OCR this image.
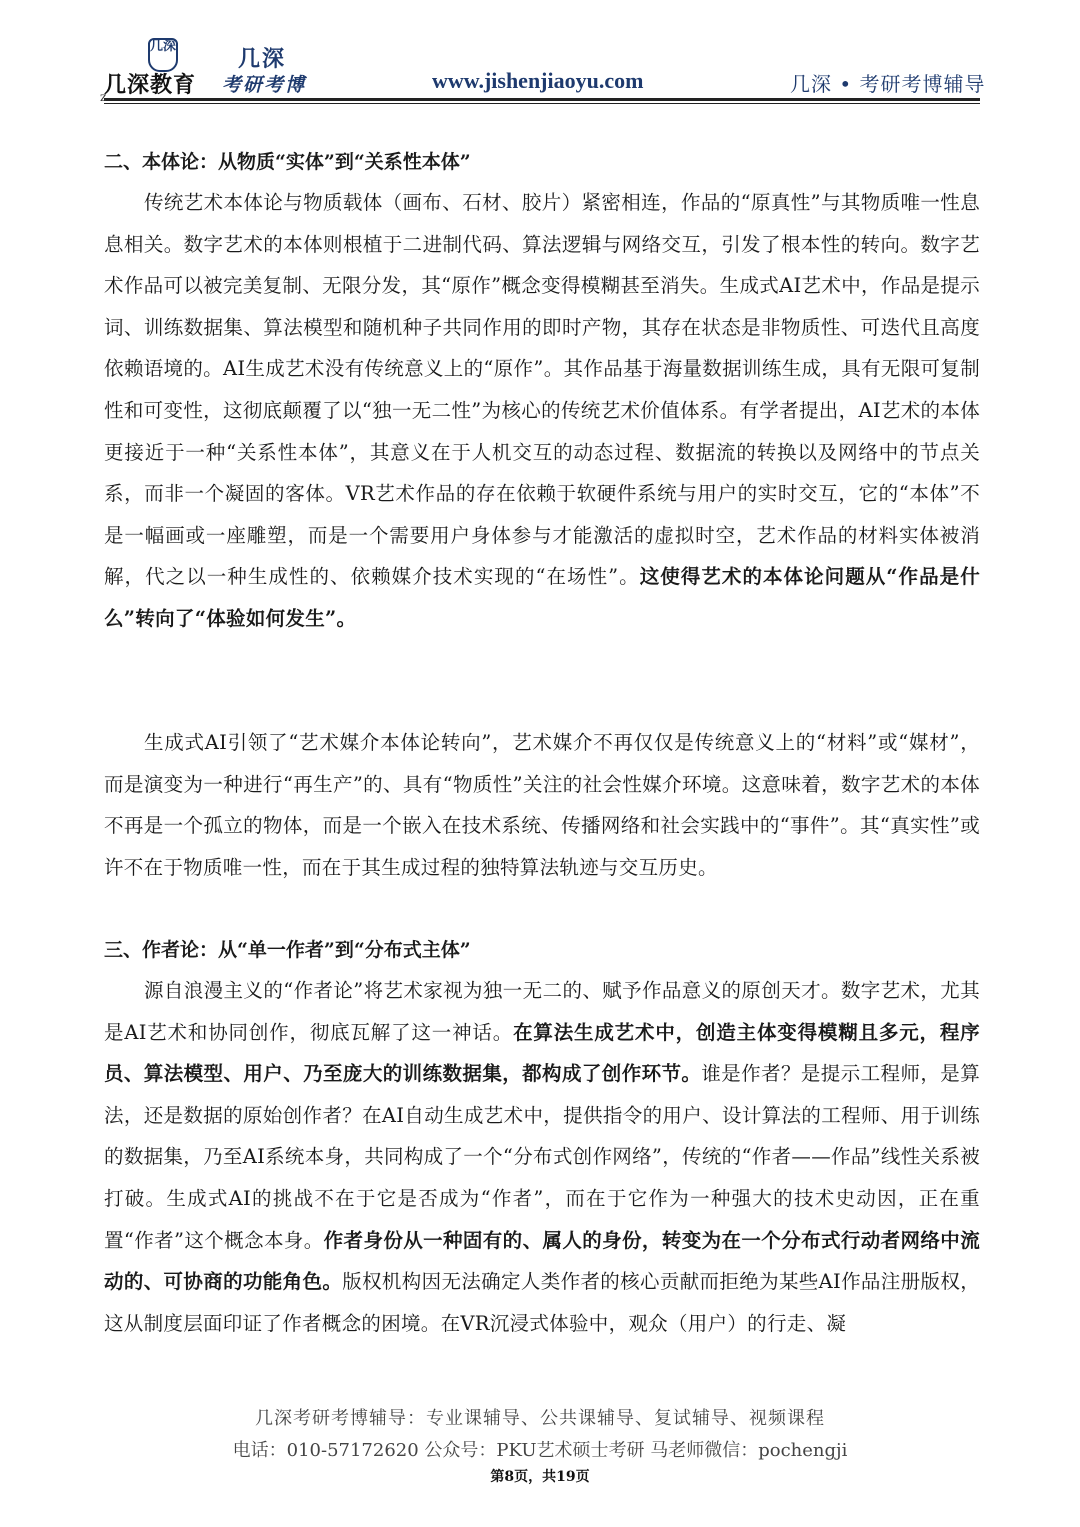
几深
几深教育
几深
考研考博	www.jishenjiaoyu.com	几深 • 考研考博辅导
z

二、本体论：从物质“实体”到“关系性本体”

传统艺术本体论与物质载体（画布、石材、胶片）紧密相连，作品的“原真性”与其物质唯一性息息相关。数字艺术的本体则根植于二进制代码、算法逻辑与网络交互，引发了根本性的转向。数字艺术作品可以被完美复制、无限分发，其“原作”概念变得模糊甚至消失。生成式AI艺术中，作品是提示词、训练数据集、算法模型和随机种子共同作用的即时产物，其存在状态是非物质性、可迭代且高度依赖语境的。AI生成艺术没有传统意义上的“原作”。其作品基于海量数据训练生成，具有无限可复制性和可变性，这彻底颠覆了以“独一无二性”为核心的传统艺术价值体系。有学者提出，AI艺术的本体更接近于一种“关系性本体”，其意义在于人机交互的动态过程、数据流的转换以及网络中的节点关系，而非一个凝固的客体。VR艺术作品的存在依赖于软硬件系统与用户的实时交互，它的“本体”不是一幅画或一座雕塑，而是一个需要用户身体参与才能激活的虚拟时空，艺术作品的材料实体被消解，代之以一种生成性的、依赖媒介技术实现的“在场性”。这使得艺术的本体论问题从“作品是什么”转向了“体验如何发生”。

生成式AI引领了“艺术媒介本体论转向”，艺术媒介不再仅仅是传统意义上的“材料”或“媒材”，而是演变为一种进行“再生产”的、具有“物质性”关注的社会性媒介环境。这意味着，数字艺术的本体不再是一个孤立的物体，而是一个嵌入在技术系统、传播网络和社会实践中的“事件”。其“真实性”或许不在于物质唯一性，而在于其生成过程的独特算法轨迹与交互历史。

三、作者论：从“单一作者”到“分布式主体”

源自浪漫主义的“作者论”将艺术家视为独一无二的、赋予作品意义的原创天才。数字艺术，尤其是AI艺术和协同创作，彻底瓦解了这一神话。在算法生成艺术中，创造主体变得模糊且多元，程序员、算法模型、用户、乃至庞大的训练数据集，都构成了创作环节。谁是作者？是提示工程师，是算法，还是数据的原始创作者？在AI自动生成艺术中，提供指令的用户、设计算法的工程师、用于训练的数据集，乃至AI系统本身，共同构成了一个“分布式创作网络”，传统的“作者——作品”线性关系被打破。生成式AI的挑战不在于它是否成为“作者”，而在于它作为一种强大的技术史动因，正在重置“作者”这个概念本身。作者身份从一种固有的、属人的身份，转变为在一个分布式行动者网络中流动的、可协商的功能角色。版权机构因无法确定人类作者的核心贡献而拒绝为某些AI作品注册版权，这从制度层面印证了作者概念的困境。在VR沉浸式体验中，观众（用户）的行走、凝

几深考研考博辅导：专业课辅导、公共课辅导、复试辅导、视频课程
电话：010-57172620 公众号：PKU艺术硕士考研 马老师微信：pochengji
第8页，共19页
